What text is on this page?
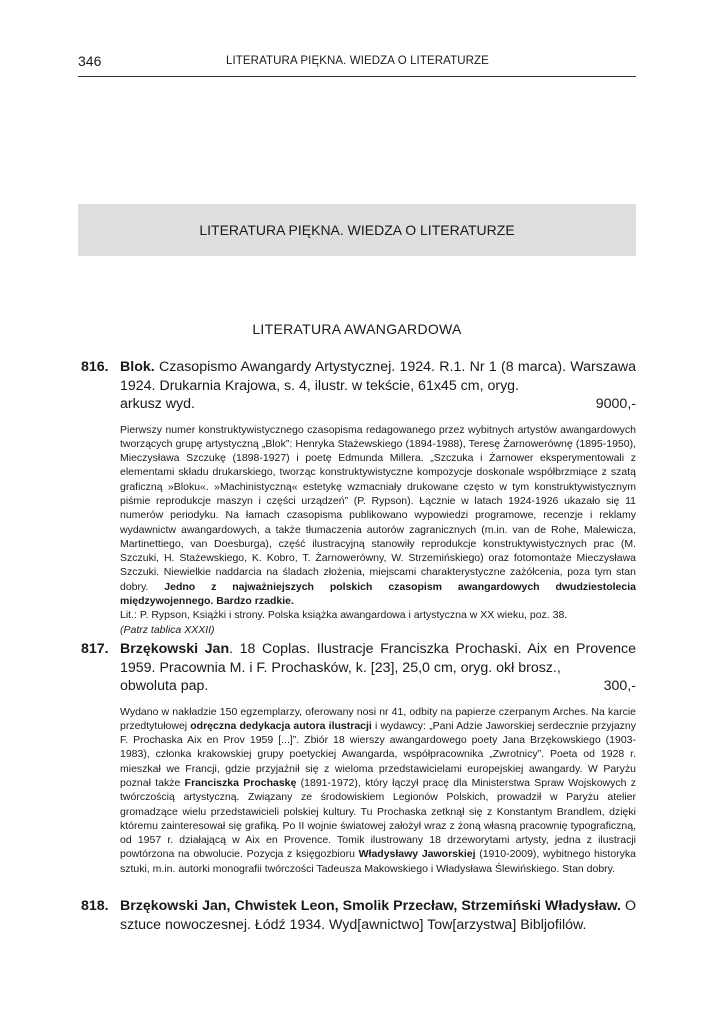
346	LITERATURA PIĘKNA. WIEDZA O LITERATURZE
LITERATURA PIĘKNA. WIEDZA O LITERATURZE
LITERATURA AWANGARDOWA
816. Blok. Czasopismo Awangardy Artystycznej. 1924. R.1. Nr 1 (8 marca). Warszawa 1924. Drukarnia Krajowa, s. 4, ilustr. w tekście, 61x45 cm, oryg.
arkusz wyd.	9000,-
Pierwszy numer konstruktywistycznego czasopisma redagowanego przez wybitnych artystów awangardowych tworzących grupę artystyczną „Blok”: Henryka Stażewskiego (1894-1988), Teresę Żarnowerównę (1895-1950), Mieczysława Szczukę (1898-1927) i poetę Edmunda Millera. „Szczuka i Żarnower eksperymentowali z elementami składu drukarskiego, tworząc konstruktywistyczne kompozycje doskonale współbrzmiące z szatą graficzną »Bloku«. »Machinistyczną« estetykę wzmacniały drukowane często w tym konstruktywistycznym piśmie reprodukcje maszyn i części urządzeń” (P. Rypson). Łącznie w latach 1924-1926 ukazało się 11 numerów periodyku. Na łamach czasopisma publikowano wypowiedzi programowe, recenzje i reklamy wydawnictw awangardowych, a także tłumaczenia autorów zagranicznych (m.in. van de Rohe, Malewicza, Martinettiego, van Doesburga), część ilustracyjną stanowiły reprodukcje konstruktywistycznych prac (M. Szczuki, H. Stażewskiego, K. Kobro, T. Żarnowerówny, W. Strzemińskiego) oraz fotomontaże Mieczysława Szczuki. Niewielkie naddarcia na śladach złożenia, miejscami charakterystyczne zażółcenia, poza tym stan dobry. Jedno z najważniejszych polskich czasopism awangardowych dwudziestolecia międzywojennego. Bardzo rzadkie.
Lit.: P. Rypson, Książki i strony. Polska książka awangardowa i artystyczna w XX wieku, poz. 38.
(Patrz tablica XXXII)
817. Brzękowski Jan. 18 Coplas. Ilustracje Franciszka Prochaski. Aix en Provence 1959. Pracownia M. i F. Prochasków, k. [23], 25,0 cm, oryg. okł brosz.,
obwoluta pap.	300,-
Wydano w nakładzie 150 egzemplarzy, oferowany nosi nr 41, odbity na papierze czerpanym Arches. Na karcie przedtytułowej odręczna dedykacja autora ilustracji i wydawcy: „Pani Adzie Jaworskiej serdecznie przyjazny F. Prochaska Aix en Prov 1959 [...]”. Zbiór 18 wierszy awangardowego poety Jana Brzękowskiego (1903-1983), członka krakowskiej grupy poetyckiej Awangarda, współpracownika „Zwrotnicy”. Poeta od 1928 r. mieszkał we Francji, gdzie przyjaźnił się z wieloma przedstawicielami europejskiej awangardy. W Paryżu poznał także Franciszka Prochaskę (1891-1972), który łączył pracę dla Ministerstwa Spraw Wojskowych z twórczością artystyczną. Związany ze środowiskiem Legionów Polskich, prowadził w Paryżu atelier gromadzące wielu przedstawicieli polskiej kultury. Tu Prochaska zetknął się z Konstantym Brandlem, dzięki któremu zainteresował się grafiką. Po II wojnie światowej założył wraz z żoną własną pracownię typograficzną, od 1957 r. działającą w Aix en Provence. Tomik ilustrowany 18 drzeworytami artysty, jedna z ilustracji powtórzona na obwolucie. Pozycja z księgozbioru Władysławy Jaworskiej (1910-2009), wybitnego historyka sztuki, m.in. autorki monografii twórczości Tadeusza Makowskiego i Władysława Ślewińskiego. Stan dobry.
818. Brzękowski Jan, Chwistek Leon, Smolik Przecław, Strzemiński Władysław. O sztuce nowoczesnej. Łódź 1934. Wyd[awnictwo] Tow[arzystwa] Bibljofilów.
